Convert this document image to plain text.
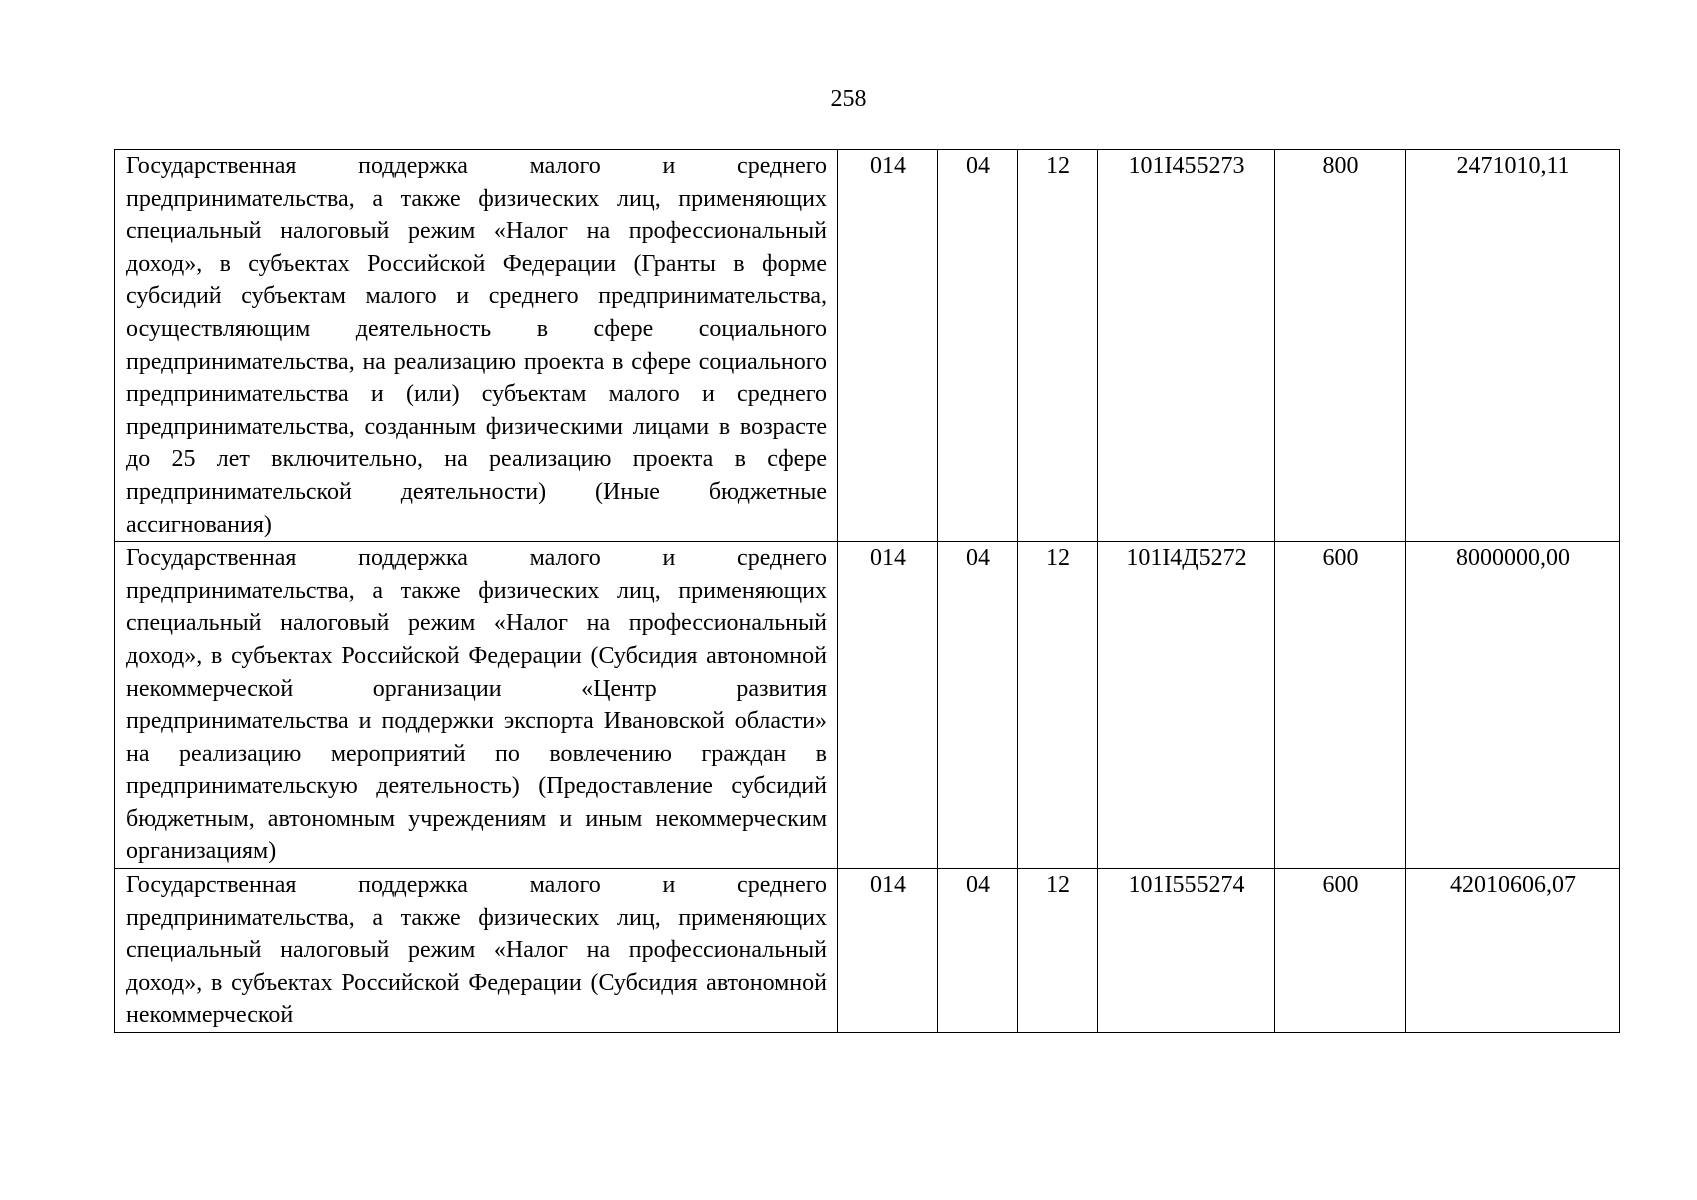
258
Государственная поддержка малого и среднего предпринимательства, а также физических лиц, применяющих специальный налоговый режим «Налог на профессиональный доход», в субъектах Российской Федерации (Гранты в форме субсидий субъектам малого и среднего предпринимательства, осуществляющим деятельность в сфере социального предпринимательства, на реализацию проекта в сфере социального предпринимательства и (или) субъектам малого и среднего предпринимательства, созданным физическими лицами в возрасте до 25 лет включительно, на реализацию проекта в сфере предпринимательской деятельности) (Иные бюджетные ассигнования)	014	04	12	101I455273	800	2471010,11
Государственная поддержка малого и среднего предпринимательства, а также физических лиц, применяющих специальный налоговый режим «Налог на профессиональный доход», в субъектах Российской Федерации (Субсидия автономной некоммерческой организации «Центр развития предпринимательства и поддержки экспорта Ивановской области» на реализацию мероприятий по вовлечению граждан в предпринимательскую деятельность) (Предоставление субсидий бюджетным, автономным учреждениям и иным некоммерческим организациям)	014	04	12	101I4Д5272	600	8000000,00
Государственная поддержка малого и среднего предпринимательства, а также физических лиц, применяющих специальный налоговый режим «Налог на профессиональный доход», в субъектах Российской Федерации (Субсидия автономной некоммерческой	014	04	12	101I555274	600	42010606,07
